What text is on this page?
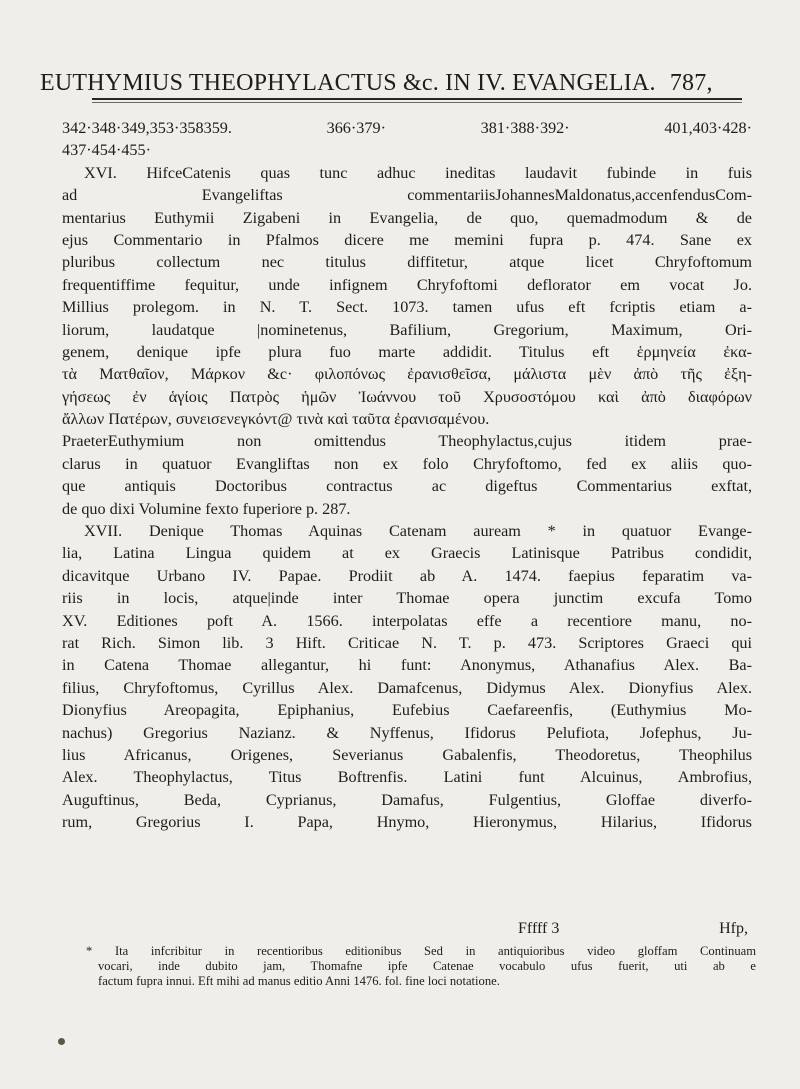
EUTHYMIUS THEOPHYLACTUS &c. IN IV. EVANGELIA. 787,
342·348·349,353·358359. 366·379· 381·388·392· 401,403·428·
437·454·455·
XVI. HifceCatenis quas tunc adhuc ineditas laudavit fubinde in fuis
ad Evangeliftas commentariisJohannesMaldonatus,accenfendusCom-
mentarius Euthymii Zigabeni in Evangelia, de quo, quemadmodum & de
ejus Commentario in Pfalmos dicere me memini fupra p. 474. Sane ex
pluribus collectum nec titulus diffitetur, atque licet Chryfoftomum
frequentiffime fequitur, unde infignem Chryfoftomi deflorator em vocat Jo.
Millius prolegom. in N. T. Sect. 1073. tamen ufus eft fcriptis etiam a-
liorum, laudatque |nominetenus, Bafilium, Gregorium, Maximum, Ori-
genem, denique ipfe plura fuo marte addidit. Titulus eft ἑρμηνεία ἐκα-
τὰ Ματθαῖον, Μάρκον &c· φιλοπόνως ἐρανισθεῖσα, μάλιστα μὲν ἀπὸ τῆς ἐξη-
γήσεως ἐν ἁγίοις Πατρὸς ἡμῶν Ἰωάννου τοῦ Χρυσοστόμου καὶ ἀπὸ διαφόρων
ἄλλων Πατέρων, συνεισενεγκόντ@ τινὰ καὶ ταῦτα ἐρανισαμένου.
PraeterEuthymium non omittendus Theophylactus,cujus itidem prae-
clarus in quatuor Evangliftas non ex folo Chryfoftomo, fed ex aliis quo-
que antiquis Doctoribus contractus ac digeftus Commentarius exftat,
de quo dixi Volumine fexto fuperiore p. 287.
XVII. Denique Thomas Aquinas Catenam auream * in quatuor Evange-
lia, Latina Lingua quidem at ex Graecis Latinisque Patribus condidit,
dicavitque Urbano IV. Papae. Prodiit ab A. 1474. faepius feparatim va-
riis in locis, atque|inde inter Thomae opera junctim excufa Tomo
XV. Editiones poft A. 1566. interpolatas effe a recentiore manu, no-
rat Rich. Simon lib. 3 Hift. Criticae N. T. p. 473. Scriptores Graeci qui
in Catena Thomae allegantur, hi funt: Anonymus, Athanafius Alex. Ba-
filius, Chryfoftomus, Cyrillus Alex. Damafcenus, Didymus Alex. Dionyfius Alex.
Dionyfius Areopagita, Epiphanius, Eufebius Caefareenfis, (Euthymius Mo-
nachus) Gregorius Nazianz. & Nyffenus, Ifidorus Pelufiota, Jofephus, Ju-
lius Africanus, Origenes, Severianus Gabalenfis, Theodoretus, Theophilus
Alex. Theophylactus, Titus Boftrenfis. Latini funt Alcuinus, Ambrofius,
Auguftinus, Beda, Cyprianus, Damafus, Fulgentius, Gloffae diverfo-
rum, Gregorius I. Papa, Hnymo, Hieronymus, Hilarius, Ifidorus
Fffff 3	Hfp,
* Ita infcribitur in recentioribus editionibus Sed in antiquioribus video gloffam Continuam
vocari, inde dubito jam, Thomafne ipfe Catenae vocabulo ufus fuerit, uti ab e
factum fupra innui. Eft mihi ad manus editio Anni 1476. fol. fine loci notatione.
